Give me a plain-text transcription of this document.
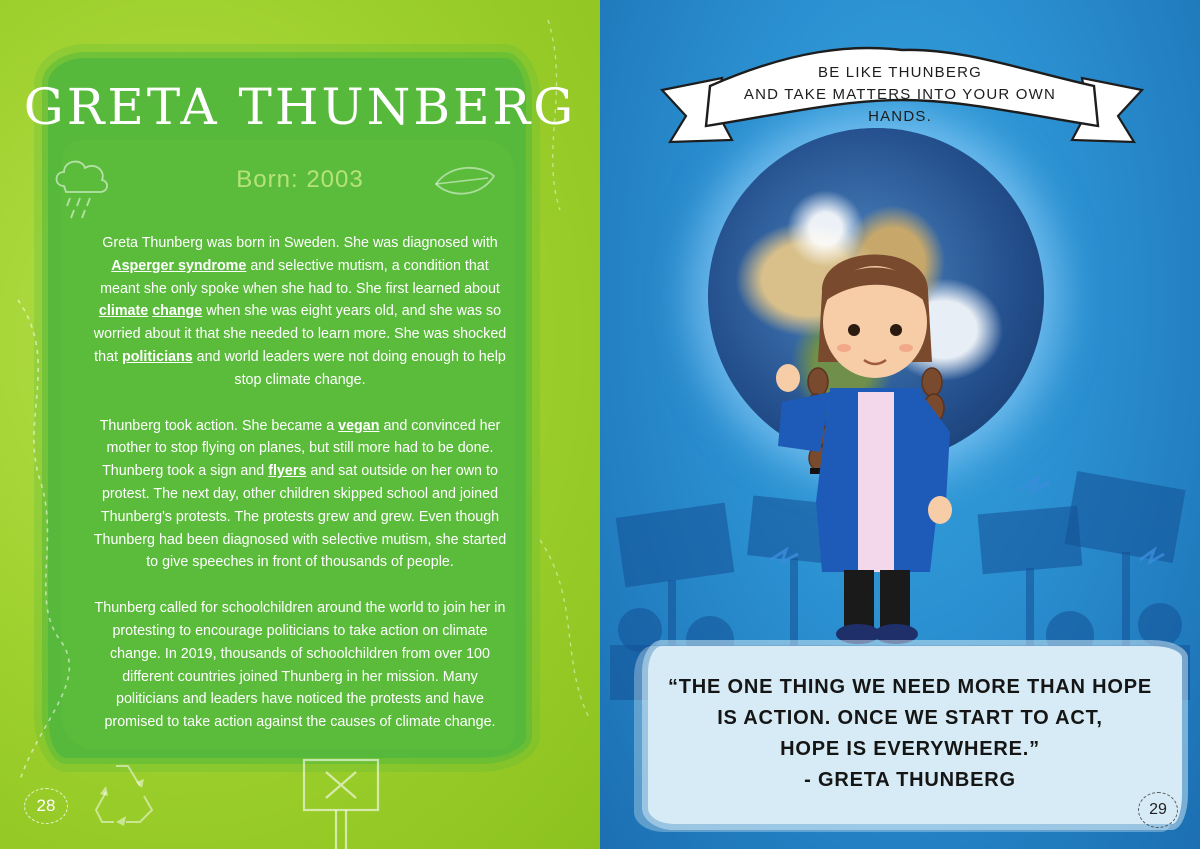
GRETA THUNBERG
Born: 2003

Greta Thunberg was born in Sweden. She was diagnosed with Asperger syndrome and selective mutism, a condition that meant she only spoke when she had to. She first learned about climate change when she was eight years old, and she was so worried about it that she needed to learn more. She was shocked that politicians and world leaders were not doing enough to help stop climate change.

Thunberg took action. She became a vegan and convinced her mother to stop flying on planes, but still more had to be done. Thunberg took a sign and flyers and sat outside on her own to protest. The next day, other children skipped school and joined Thunberg's protests. The protests grew and grew. Even though Thunberg had been diagnosed with selective mutism, she started to give speeches in front of thousands of people.

Thunberg called for schoolchildren around the world to join her in protesting to encourage politicians to take action on climate change. In 2019, thousands of schoolchildren from over 100 different countries joined Thunberg in her mission. Many politicians and leaders have noticed the protests and have promised to take action against the causes of climate change.

28
BE LIKE THUNBERG
AND TAKE MATTERS INTO YOUR OWN HANDS.
“THE ONE THING WE NEED MORE THAN HOPE
IS ACTION. ONCE WE START TO ACT,
HOPE IS EVERYWHERE.”
- GRETA THUNBERG
29
